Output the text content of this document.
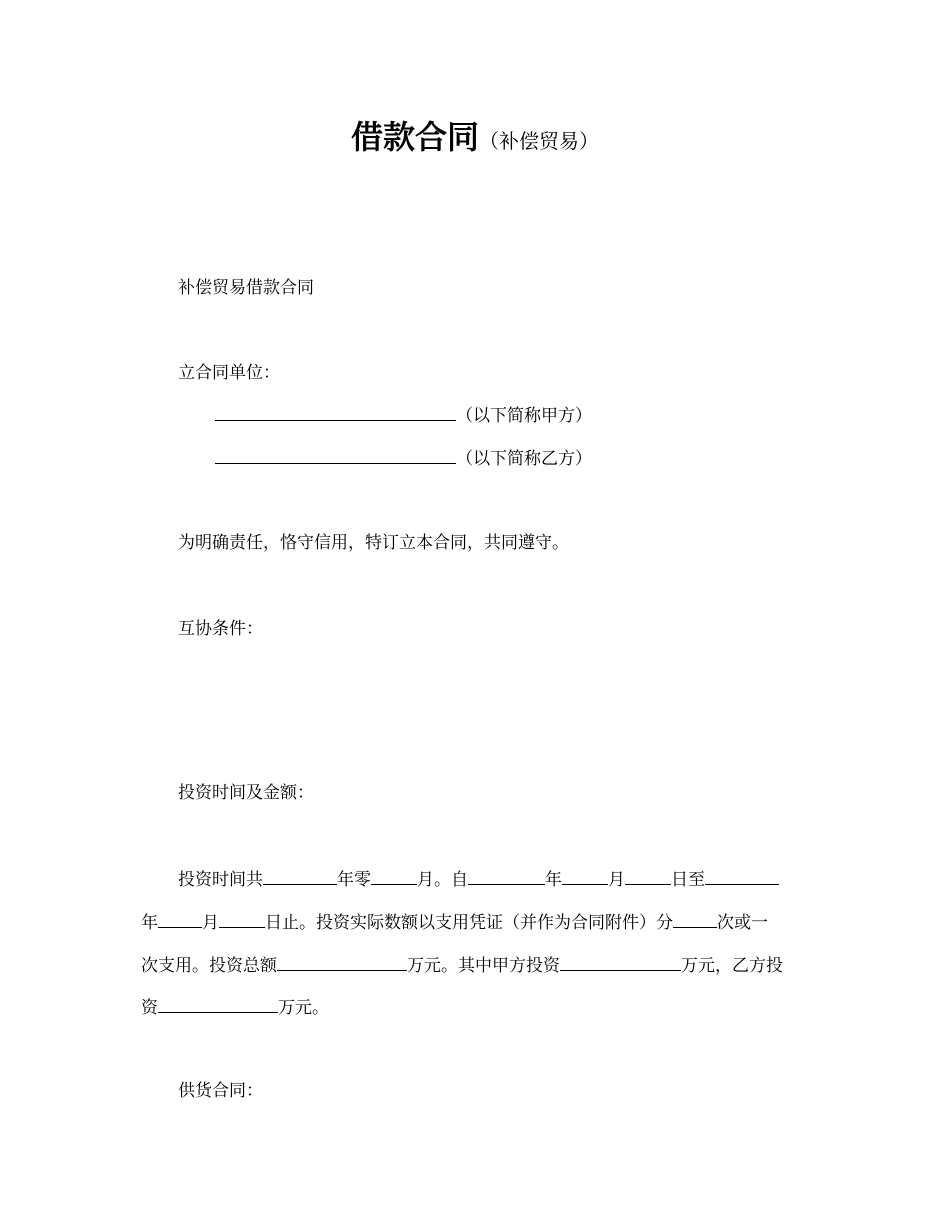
借款合同（补偿贸易）
补偿贸易借款合同
立合同单位：
（以下简称甲方）
（以下简称乙方）
为明确责任，恪守信用，特订立本合同，共同遵守。
互协条件：
投资时间及金额：
投资时间共	年零	月。自	年	月	日至
年	月	日止。投资实际数额以支用凭证（并作为合同附件）分	次或一
次支用。投资总额	万元。其中甲方投资	万元，乙方投
资	万元。
供货合同：
